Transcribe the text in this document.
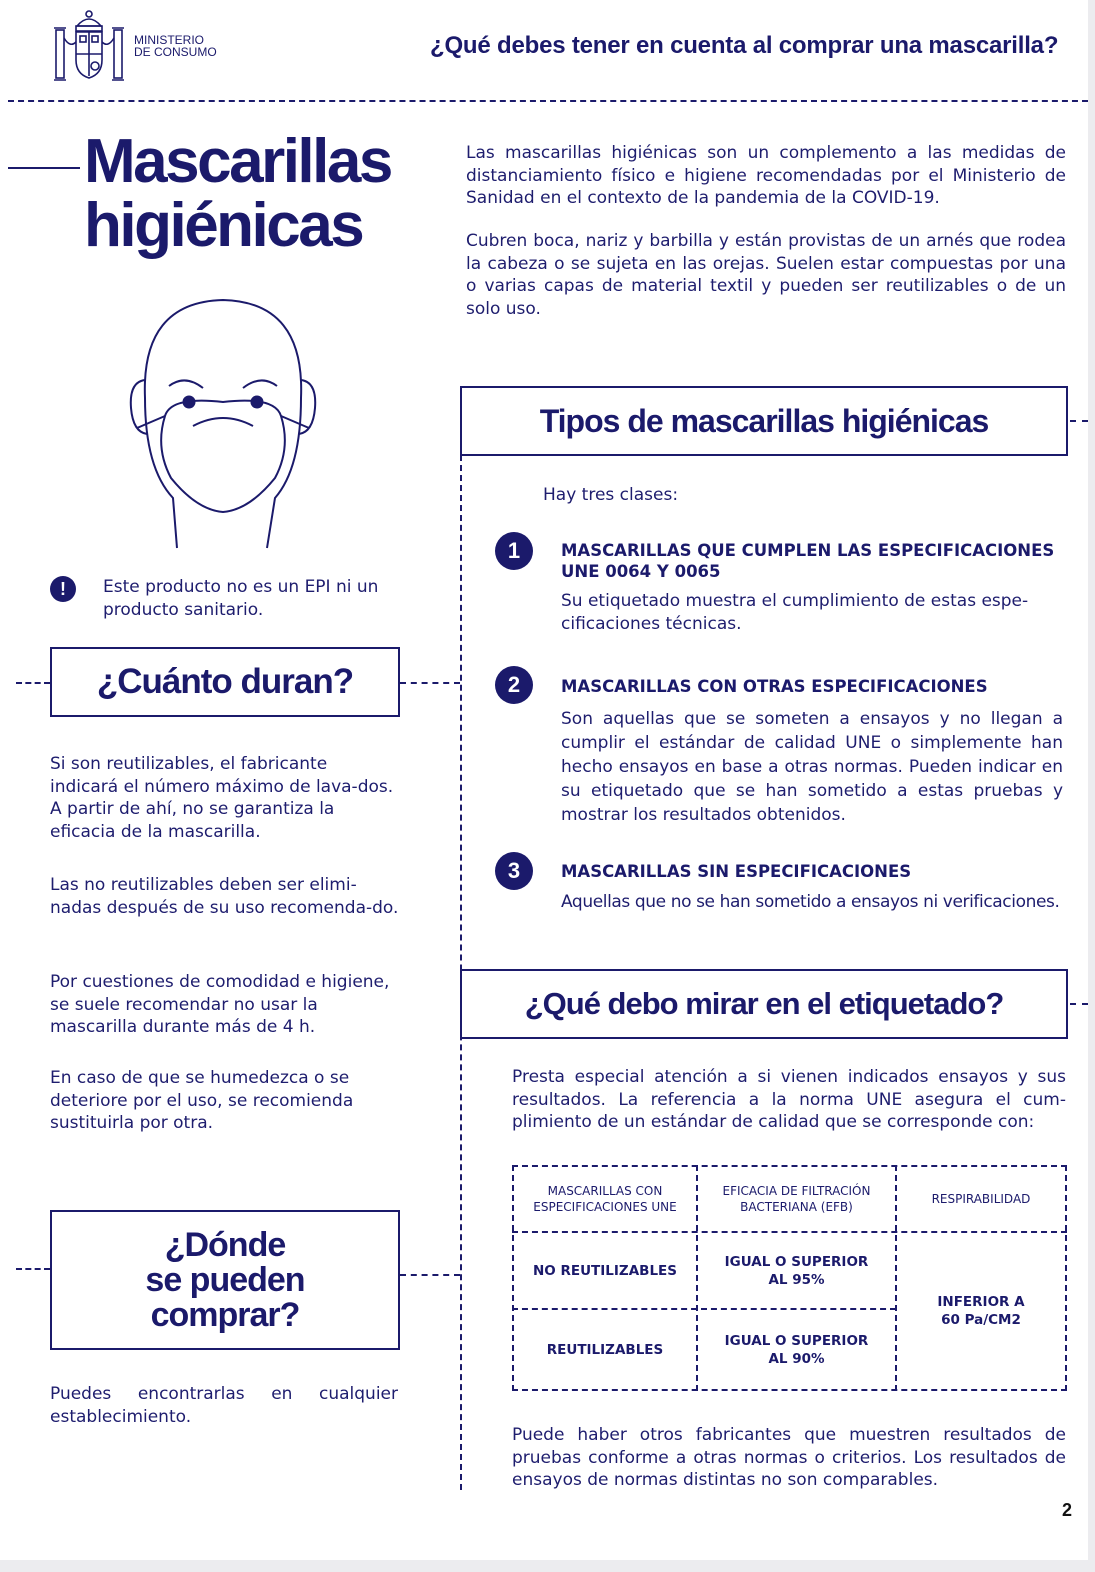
MINISTERIO
DE CONSUMO	¿Qué debes tener en cuenta al comprar una mascarilla?
Mascarillas
higiénicas
Las mascarillas higiénicas son un complemento a las medidas de distanciamiento físico e higiene recomendadas por el Ministerio de Sanidad en el contexto de la pandemia de la COVID-19.
Cubren boca, nariz y barbilla y están provistas de un arnés que rodea la cabeza o se sujeta en las orejas. Suelen estar compuestas por una o varias capas de material textil y pueden ser reutilizables o de un solo uso.
!	Este producto no es un EPI ni un producto sanitario.
¿Cuánto duran?
Si son reutilizables, el fabricante indicará el número máximo de lava-dos. A partir de ahí, no se garantiza la eficacia de la mascarilla.
Las no reutilizables deben ser elimi-nadas después de su uso recomenda-do.
Por cuestiones de comodidad e higiene, se suele recomendar no usar la mascarilla durante más de 4 h.
En caso de que se humedezca o se deteriore por el uso, se recomienda sustituirla por otra.
¿Dónde
se pueden
comprar?
Puedes encontrarlas en cualquier establecimiento.
Tipos de mascarillas higiénicas
Hay tres clases:
1 MASCARILLAS QUE CUMPLEN LAS ESPECIFICACIONES UNE 0064 Y 0065
Su etiquetado muestra el cumplimiento de estas espe-cificaciones técnicas.
2 MASCARILLAS CON OTRAS ESPECIFICACIONES
Son aquellas que se someten a ensayos y no llegan a cumplir el estándar de calidad UNE o simplemente han hecho ensayos en base a otras normas. Pueden indicar en su etiquetado que se han sometido a estas pruebas y mostrar los resultados obtenidos.
3 MASCARILLAS SIN ESPECIFICACIONES
Aquellas que no se han sometido a ensayos ni verificaciones.
¿Qué debo mirar en el etiquetado?
Presta especial atención a si vienen indicados ensayos y sus resultados. La referencia a la norma UNE asegura el cum-plimiento de un estándar de calidad que se corresponde con:
MASCARILLAS CON
ESPECIFICACIONES UNE
EFICACIA DE FILTRACIÓN
BACTERIANA (EFB)
RESPIRABILIDAD
NO REUTILIZABLES
IGUAL O SUPERIOR
AL 95%
REUTILIZABLES
IGUAL O SUPERIOR
AL 90%
INFERIOR A
60 Pa/CM2
Puede haber otros fabricantes que muestren resultados de pruebas conforme a otras normas o criterios. Los resultados de ensayos de normas distintas no son comparables.
2
